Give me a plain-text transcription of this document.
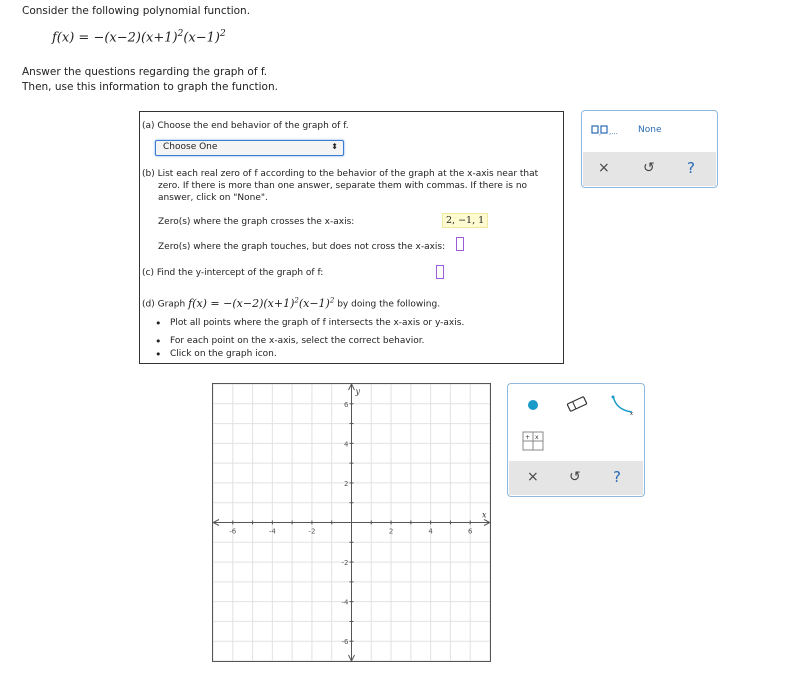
Consider the following polynomial function.
$f(x) = -(x-2)(x+1)^2(x-1)^2$
Answer the questions regarding the graph of f.
Then, use this information to graph the function.
(a) Choose the end behavior of the graph of f.
Choose One	⬍
(b) List each real zero of f according to the behavior of the graph at the x-axis near that
zero. If there is more than one answer, separate them with commas. If there is no
answer, click on "None".
Zero(s) where the graph crosses the x-axis:	2, −1, 1
Zero(s) where the graph touches, but does not cross the x-axis:
(c) Find the y-intercept of the graph of f:
(d) Graph $f(x) = -(x-2)(x+1)^2(x-1)^2$ by doing the following.
• Plot all points where the graph of f intersects the x-axis or y-axis.
• For each point on the x-axis, select the correct behavior.
• Click on the graph icon.
, ,... None
× ↺ ?
x
x
+
× ↺ ?
-6	-4	-2	2	4	6
6
4
2
-2
-4
-6
x
y
